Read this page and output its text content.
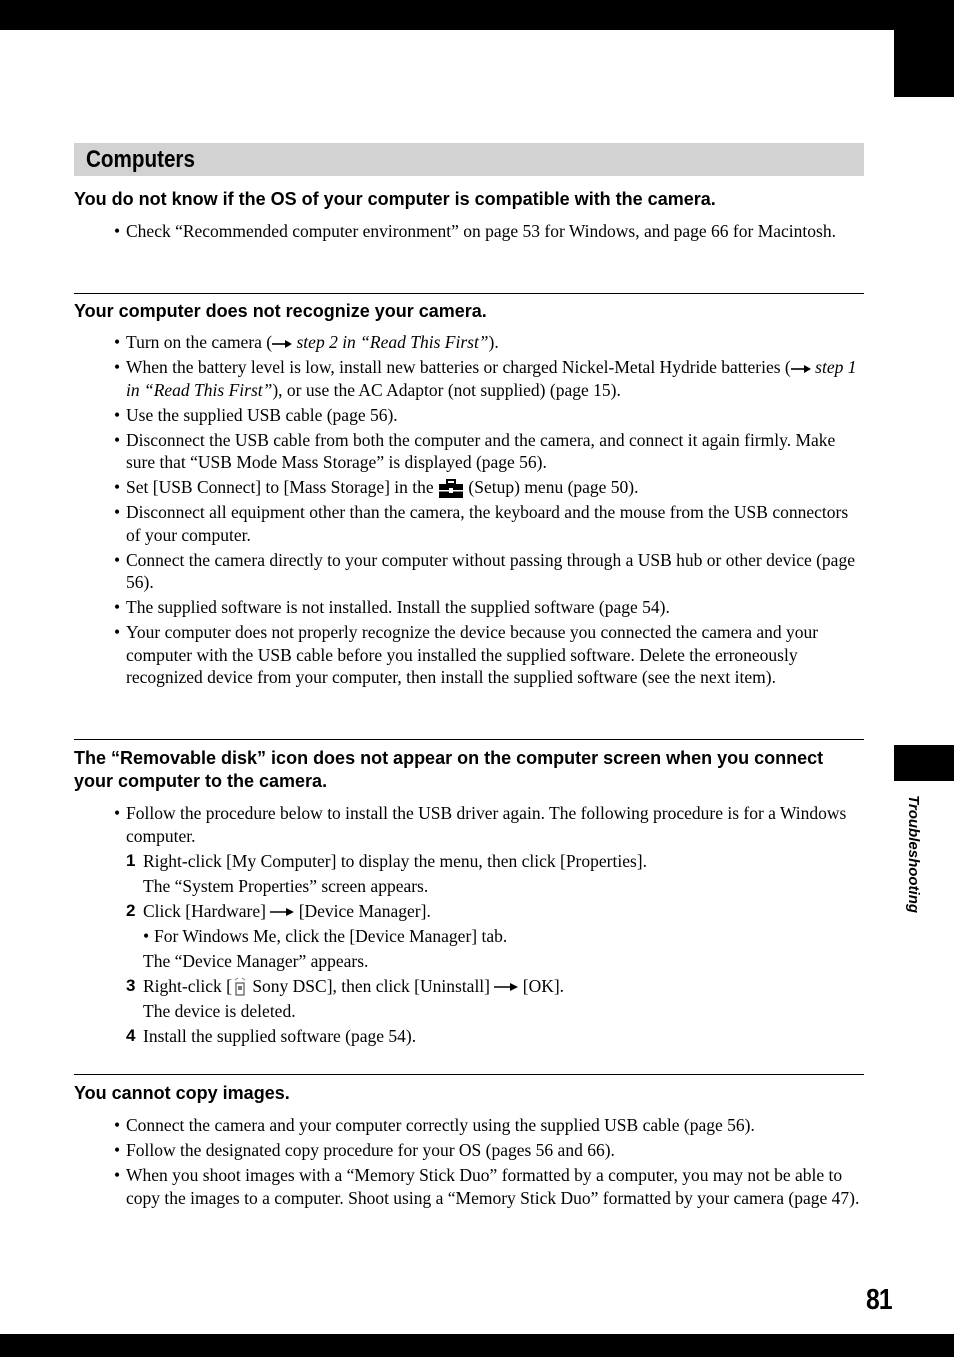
Troubleshooting
81
Computers

You do not know if the OS of your computer is compatible with the camera.

• Check “Recommended computer environment” on page 53 for Windows, and page 66 for Macintosh.

Your computer does not recognize your camera.

• Turn on the camera ( step 2 in “Read This First”).
• When the battery level is low, install new batteries or charged Nickel-Metal Hydride batteries ( step 1 in “Read This First”), or use the AC Adaptor (not supplied) (page 15).
• Use the supplied USB cable (page 56).
• Disconnect the USB cable from both the computer and the camera, and connect it again firmly. Make sure that “USB Mode Mass Storage” is displayed (page 56).
• Set [USB Connect] to [Mass Storage] in the (Setup) menu (page 50).
• Disconnect all equipment other than the camera, the keyboard and the mouse from the USB connectors of your computer.
• Connect the camera directly to your computer without passing through a USB hub or other device (page 56).
• The supplied software is not installed. Install the supplied software (page 54).
• Your computer does not properly recognize the device because you connected the camera and your computer with the USB cable before you installed the supplied software. Delete the erroneously recognized device from your computer, then install the supplied software (see the next item).

The “Removable disk” icon does not appear on the computer screen when you connect your computer to the camera.

• Follow the procedure below to install the USB driver again. The following procedure is for a Windows computer.
1 Right-click [My Computer] to display the menu, then click [Properties].
The “System Properties” screen appears.
2 Click [Hardware] [Device Manager].
• For Windows Me, click the [Device Manager] tab.
The “Device Manager” appears.
3 Right-click [ Sony DSC], then click [Uninstall] [OK].
The device is deleted.
4 Install the supplied software (page 54).

You cannot copy images.

• Connect the camera and your computer correctly using the supplied USB cable (page 56).
• Follow the designated copy procedure for your OS (pages 56 and 66).
• When you shoot images with a “Memory Stick Duo” formatted by a computer, you may not be able to copy the images to a computer. Shoot using a “Memory Stick Duo” formatted by your camera (page 47).
